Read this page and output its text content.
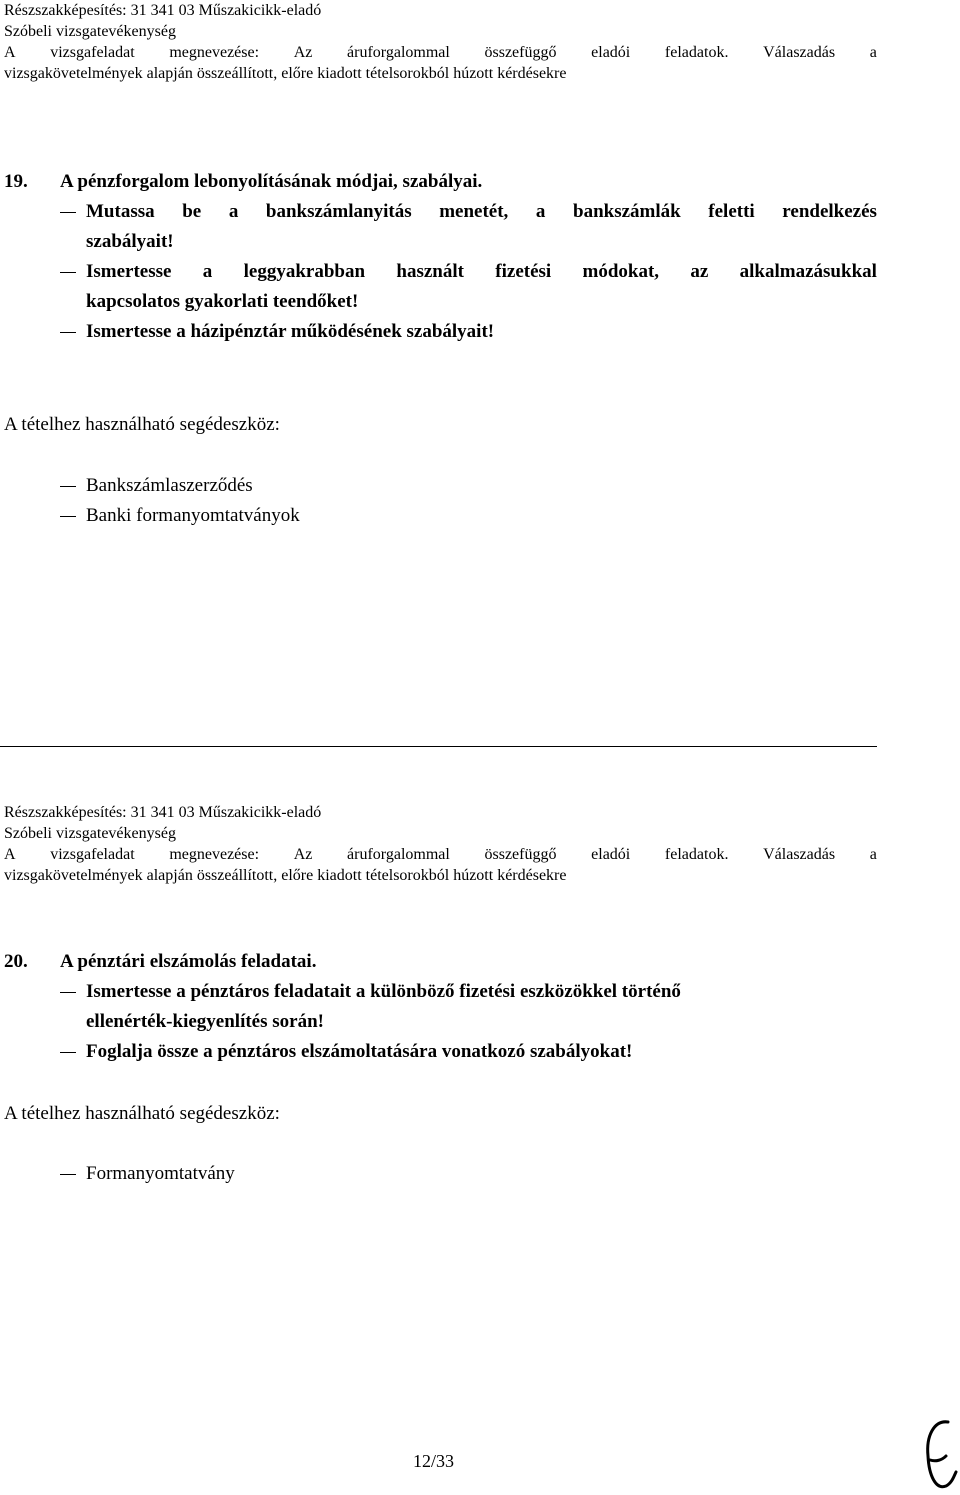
Részszakképesítés: 31 341 03 Műszakicikk-eladó
Szóbeli vizsgatevékenység
A vizsgafeladat megnevezése: Az áruforgalommal összefüggő eladói feladatok. Válaszadás a
vizsgakövetelmények alapján összeállított, előre kiadott tételsorokból húzott kérdésekre
19. A pénzforgalom lebonyolításának módjai, szabályai.
Mutassa be a bankszámlanyitás menetét, a bankszámlák feletti rendelkezés
szabályait!
Ismertesse a leggyakrabban használt fizetési módokat, az alkalmazásukkal
kapcsolatos gyakorlati teendőket!
Ismertesse a házipénztár működésének szabályait!
A tételhez használható segédeszköz:
Bankszámlaszerződés
Banki formanyomtatványok
Részszakképesítés: 31 341 03 Műszakicikk-eladó
Szóbeli vizsgatevékenység
A vizsgafeladat megnevezése: Az áruforgalommal összefüggő eladói feladatok. Válaszadás a
vizsgakövetelmények alapján összeállított, előre kiadott tételsorokból húzott kérdésekre
20. A pénztári elszámolás feladatai.
Ismertesse a pénztáros feladatait a különböző fizetési eszközökkel történő
ellenérték-kiegyenlítés során!
Foglalja össze a pénztáros elszámoltatására vonatkozó szabályokat!
A tételhez használható segédeszköz:
Formanyomtatvány
12/33
